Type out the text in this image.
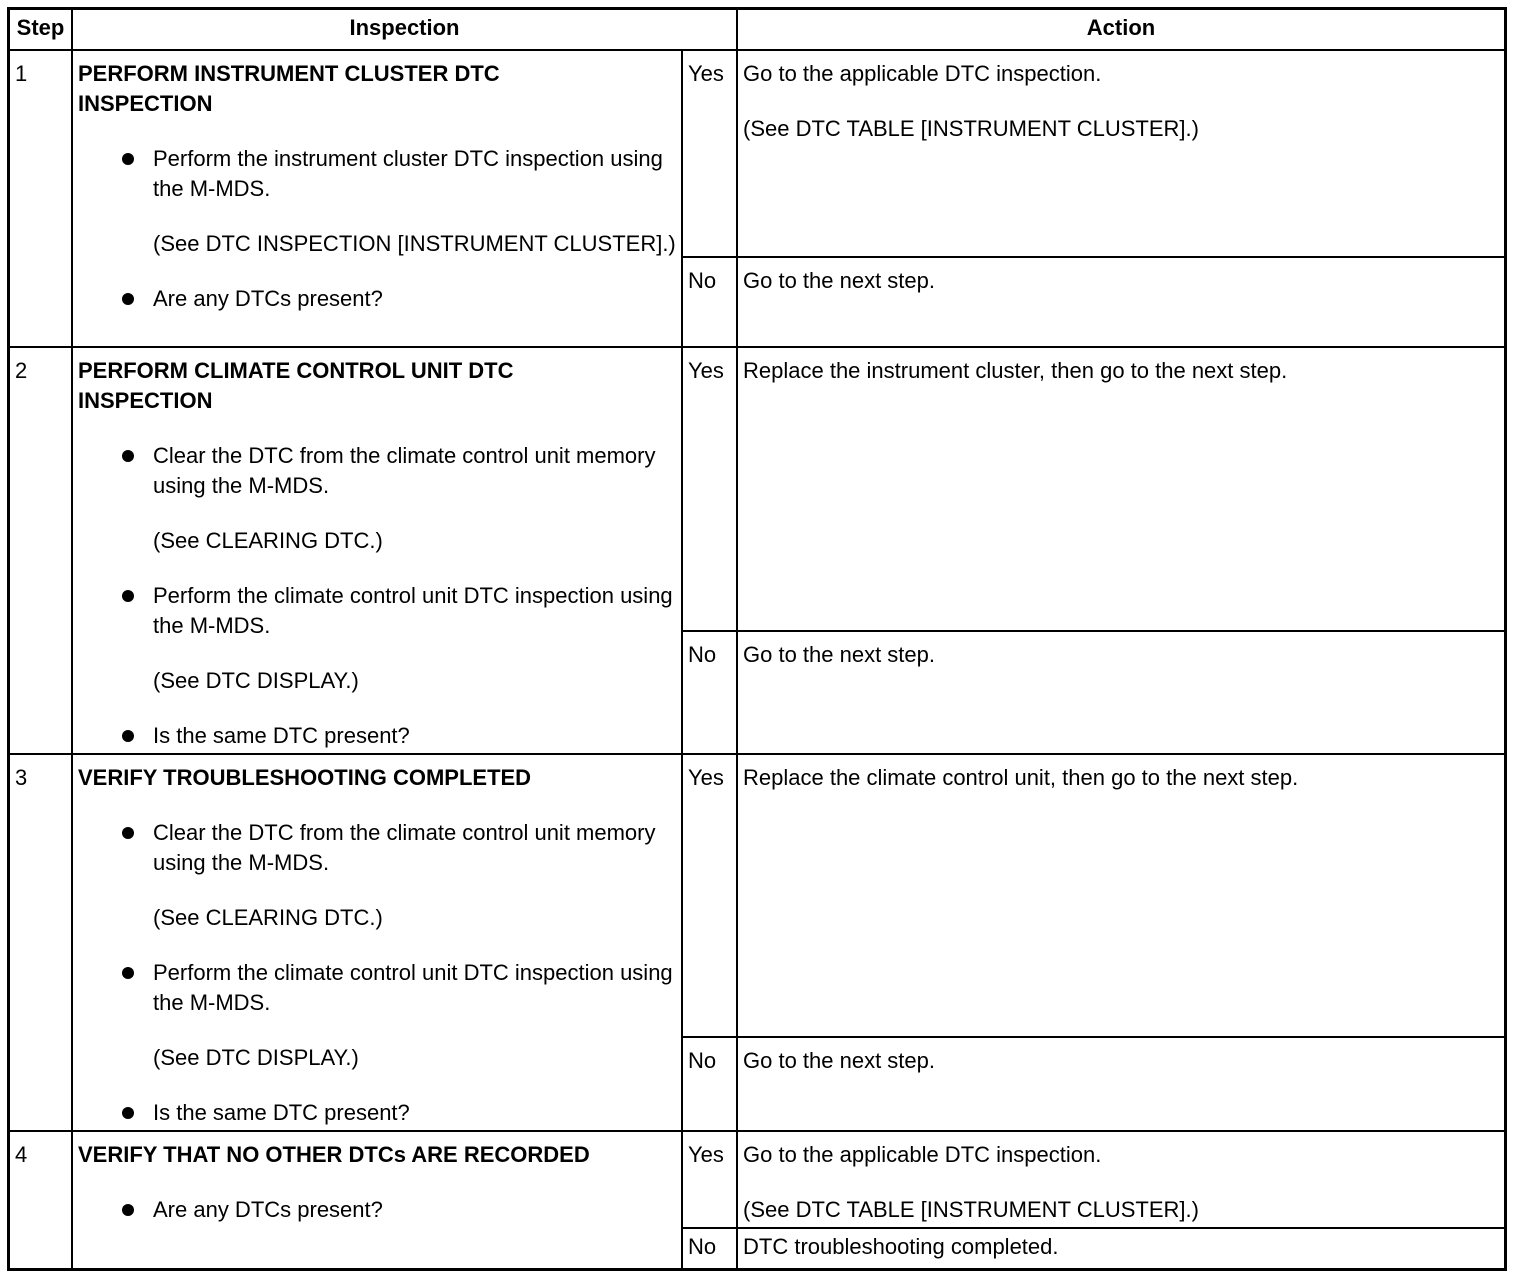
Step	Inspection	Action
1	PERFORM INSTRUMENT CLUSTER DTC
INSPECTION
Perform the instrument cluster DTC inspection using the M-MDS.
(See DTC INSPECTION [INSTRUMENT CLUSTER].)
Are any DTCs present?
Yes Go to the applicable DTC inspection.
(See DTC TABLE [INSTRUMENT CLUSTER].)
No	Go to the next step.
2	PERFORM CLIMATE CONTROL UNIT DTC
INSPECTION
Clear the DTC from the climate control unit memory using the M-MDS.
(See CLEARING DTC.)
Perform the climate control unit DTC inspection using the M-MDS.
(See DTC DISPLAY.)
Is the same DTC present?
Yes Replace the instrument cluster, then go to the next step.
No	Go to the next step.
3	VERIFY TROUBLESHOOTING COMPLETED
Clear the DTC from the climate control unit memory using the M-MDS.
(See CLEARING DTC.)
Perform the climate control unit DTC inspection using the M-MDS.
(See DTC DISPLAY.)
Is the same DTC present?
Yes Replace the climate control unit, then go to the next step.
No	Go to the next step.
4	VERIFY THAT NO OTHER DTCs ARE RECORDED
Are any DTCs present?
Yes Go to the applicable DTC inspection.
(See DTC TABLE [INSTRUMENT CLUSTER].)
No	DTC troubleshooting completed.
